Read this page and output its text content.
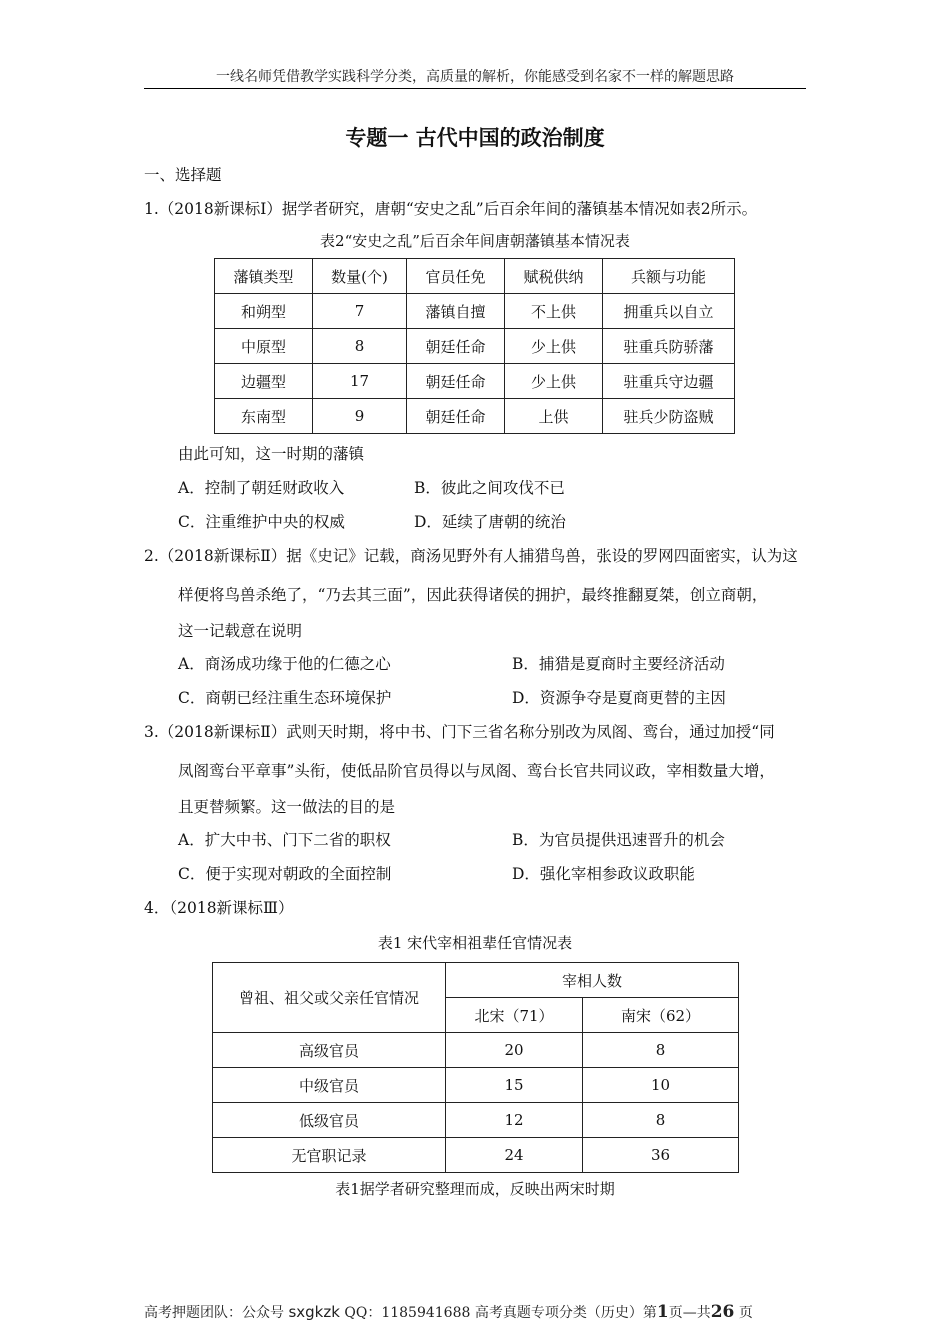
一线名师凭借教学实践科学分类，高质量的解析，你能感受到名家不一样的解题思路
专题一 古代中国的政治制度
一、选择题
1.（2018新课标Ⅰ）据学者研究，唐朝“安史之乱”后百余年间的藩镇基本情况如表2所示。
表2“安史之乱”后百余年间唐朝藩镇基本情况表
藩镇类型	数量(个)	官员任免	赋税供纳	兵额与功能
和朔型	7	藩镇自擅	不上供	拥重兵以自立
中原型	8	朝廷任命	少上供	驻重兵防骄藩
边疆型	17	朝廷任命	少上供	驻重兵守边疆
东南型	9	朝廷任命	上供	驻兵少防盗贼
由此可知，这一时期的藩镇
A．控制了朝廷财政收入	B．彼此之间攻伐不已
C．注重维护中央的权威	D．延续了唐朝的统治
2.（2018新课标Ⅱ）据《史记》记载，商汤见野外有人捕猎鸟兽，张设的罗网四面密实，认为这
样便将鸟兽杀绝了，“乃去其三面”，因此获得诸侯的拥护，最终推翻夏桀，创立商朝，
这一记载意在说明
A．商汤成功缘于他的仁德之心	B．捕猎是夏商时主要经济活动
C．商朝已经注重生态环境保护	D．资源争夺是夏商更替的主因
3.（2018新课标Ⅱ）武则天时期，将中书、门下三省名称分别改为凤阁、鸾台，通过加授“同
凤阁鸾台平章事”头衔，使低品阶官员得以与凤阁、鸾台长官共同议政，宰相数量大增，
且更替频繁。这一做法的目的是
A．扩大中书、门下二省的职权	B．为官员提供迅速晋升的机会
C．便于实现对朝政的全面控制	D．强化宰相参政议政职能
4．（2018新课标Ⅲ）
表1 宋代宰相祖辈任官情况表
曾祖、祖父或父亲任官情况	宰相人数	
	北宋（71）	南宋（62）
高级官员	20	8
中级官员	15	10
低级官员	12	8
无官职记录	24	36
表1据学者研究整理而成，反映出两宋时期
高考押题团队：公众号 sxgkzk QQ：1185941688 高考真题专项分类（历史）第1页—共26 页
